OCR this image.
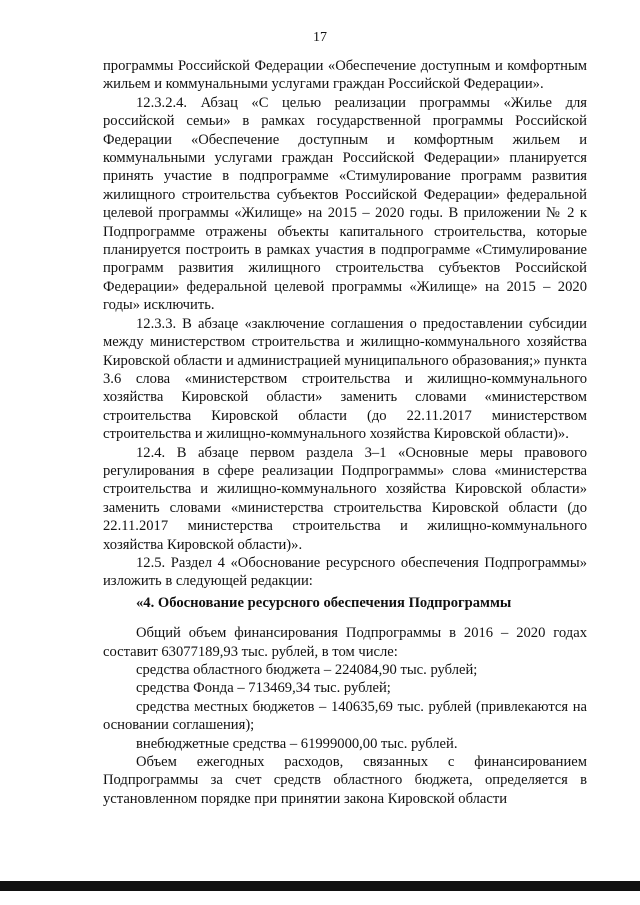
17

программы Российской Федерации «Обеспечение доступным и комфортным жильем и коммунальными услугами граждан Российской Федерации».

12.3.2.4. Абзац «С целью реализации программы «Жилье для российской семьи» в рамках государственной программы Российской Федерации «Обеспечение доступным и комфортным жильем и коммунальными услугами граждан Российской Федерации» планируется принять участие в подпрограмме «Стимулирование программ развития жилищного строительства субъектов Российской Федерации» федеральной целевой программы «Жилище» на 2015 – 2020 годы. В приложении № 2 к Подпрограмме отражены объекты капитального строительства, которые планируется построить в рамках участия в подпрограмме «Стимулирование программ развития жилищного строительства субъектов Российской Федерации» федеральной целевой программы «Жилище» на 2015 – 2020 годы» исключить.

12.3.3. В абзаце «заключение соглашения о предоставлении субсидии между министерством строительства и жилищно-коммунального хозяйства Кировской области и администрацией муниципального образования;» пункта 3.6 слова «министерством строительства и жилищно-коммунального хозяйства Кировской области» заменить словами «министерством строительства Кировской области (до 22.11.2017 министерством строительства и жилищно-коммунального хозяйства Кировской области)».

12.4. В абзаце первом раздела 3–1 «Основные меры правового регулирования в сфере реализации Подпрограммы» слова «министерства строительства и жилищно-коммунального хозяйства Кировской области» заменить словами «министерства строительства Кировской области (до 22.11.2017 министерства строительства и жилищно-коммунального хозяйства Кировской области)».

12.5. Раздел 4 «Обоснование ресурсного обеспечения Подпрограммы» изложить в следующей редакции:

«4. Обоснование ресурсного обеспечения Подпрограммы

Общий объем финансирования Подпрограммы в 2016 – 2020 годах составит 63077189,93 тыс. рублей, в том числе:

средства областного бюджета – 224084,90 тыс. рублей;

средства Фонда – 713469,34 тыс. рублей;

средства местных бюджетов – 140635,69 тыс. рублей (привлекаются на основании соглашения);

внебюджетные средства – 61999000,00 тыс. рублей.

Объем ежегодных расходов, связанных с финансированием Подпрограммы за счет средств областного бюджета, определяется в установленном порядке при принятии закона Кировской области
